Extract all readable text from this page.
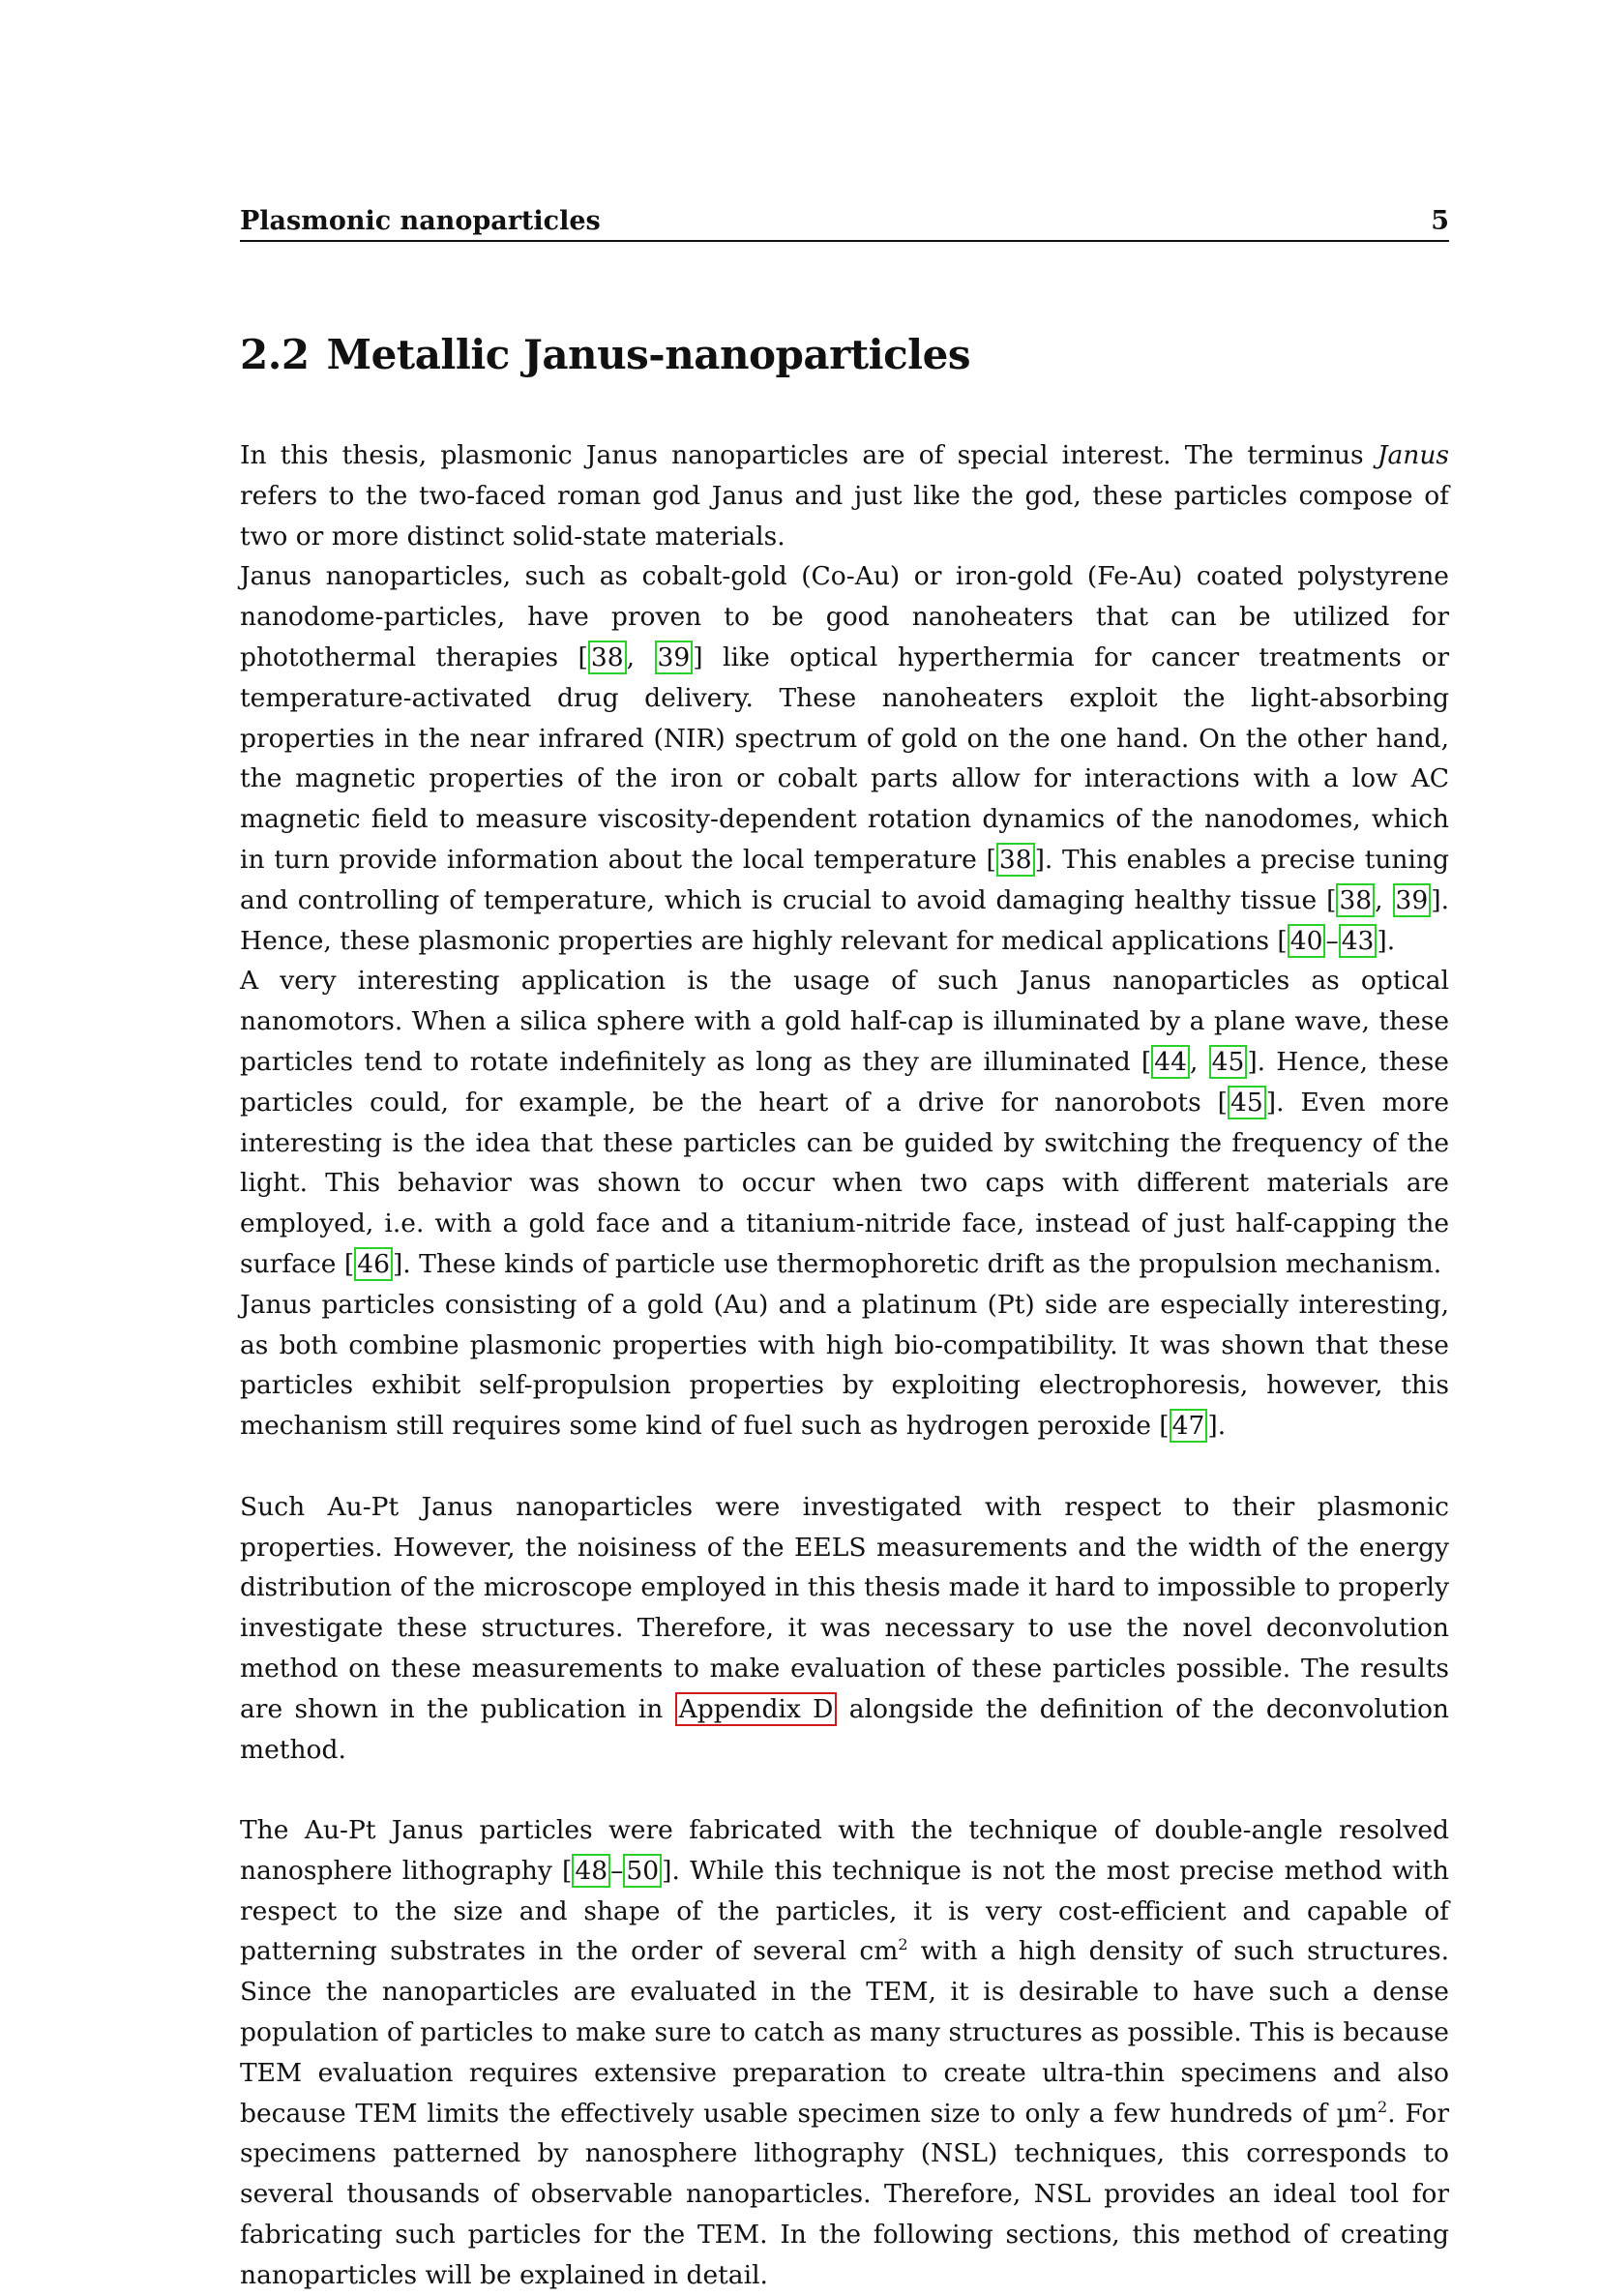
Plasmonic nanoparticles	5
2.2 Metallic Janus-nanoparticles

In this thesis, plasmonic Janus nanoparticles are of special interest. The terminus Janus refers to the two-faced roman god Janus and just like the god, these particles compose of two or more distinct solid-state materials.

Janus nanoparticles, such as cobalt-gold (Co-Au) or iron-gold (Fe-Au) coated polystyrene nanodome-particles, have proven to be good nanoheaters that can be utilized for photothermal therapies [ 38 , 39 ] like optical hyperthermia for cancer treatments or temperature-activated drug delivery. These nanoheaters exploit the light-absorbing properties in the near infrared (NIR) spectrum of gold on the one hand. On the other hand, the magnetic properties of the iron or cobalt parts allow for interactions with a low AC magnetic field to measure viscosity-dependent rotation dynamics of the nanodomes, which in turn provide information about the local temperature [ 38 ]. This enables a precise tuning and controlling of temperature, which is crucial to avoid damaging healthy tissue [ 38 , 39 ]. Hence, these plasmonic properties are highly relevant for medical applications [ 40 – 43 ].

A very interesting application is the usage of such Janus nanoparticles as optical nanomotors. When a silica sphere with a gold half-cap is illuminated by a plane wave, these particles tend to rotate indefinitely as long as they are illuminated [ 44 , 45 ]. Hence, these particles could, for example, be the heart of a drive for nanorobots [ 45 ]. Even more interesting is the idea that these particles can be guided by switching the frequency of the light. This behavior was shown to occur when two caps with different materials are employed, i.e. with a gold face and a titanium-nitride face, instead of just half-capping the surface [ 46 ]. These kinds of particle use thermophoretic drift as the propulsion mechanism.

Janus particles consisting of a gold (Au) and a platinum (Pt) side are especially interesting, as both combine plasmonic properties with high bio-compatibility. It was shown that these particles exhibit self-propulsion properties by exploiting electrophoresis, however, this mechanism still requires some kind of fuel such as hydrogen peroxide [ 47 ].

Such Au-Pt Janus nanoparticles were investigated with respect to their plasmonic properties. However, the noisiness of the EELS measurements and the width of the energy distribution of the microscope employed in this thesis made it hard to impossible to properly investigate these structures. Therefore, it was necessary to use the novel deconvolution method on these measurements to make evaluation of these particles possible. The results are shown in the publication in Appendix D alongside the definition of the deconvolution method.

The Au-Pt Janus particles were fabricated with the technique of double-angle resolved nanosphere lithography [ 48 – 50 ]. While this technique is not the most precise method with respect to the size and shape of the particles, it is very cost-efficient and capable of patterning substrates in the order of several $cm^2$ with a high density of such structures. Since the nanoparticles are evaluated in the TEM, it is desirable to have such a dense population of particles to make sure to catch as many structures as possible. This is because TEM evaluation requires extensive preparation to create ultra-thin specimens and also because TEM limits the effectively usable specimen size to only a few hundreds of µm$^2$. For specimens patterned by nanosphere lithography (NSL) techniques, this corresponds to several thousands of observable nanoparticles. Therefore, NSL provides an ideal tool for fabricating such particles for the TEM. In the following sections, this method of creating nanoparticles will be explained in detail.
